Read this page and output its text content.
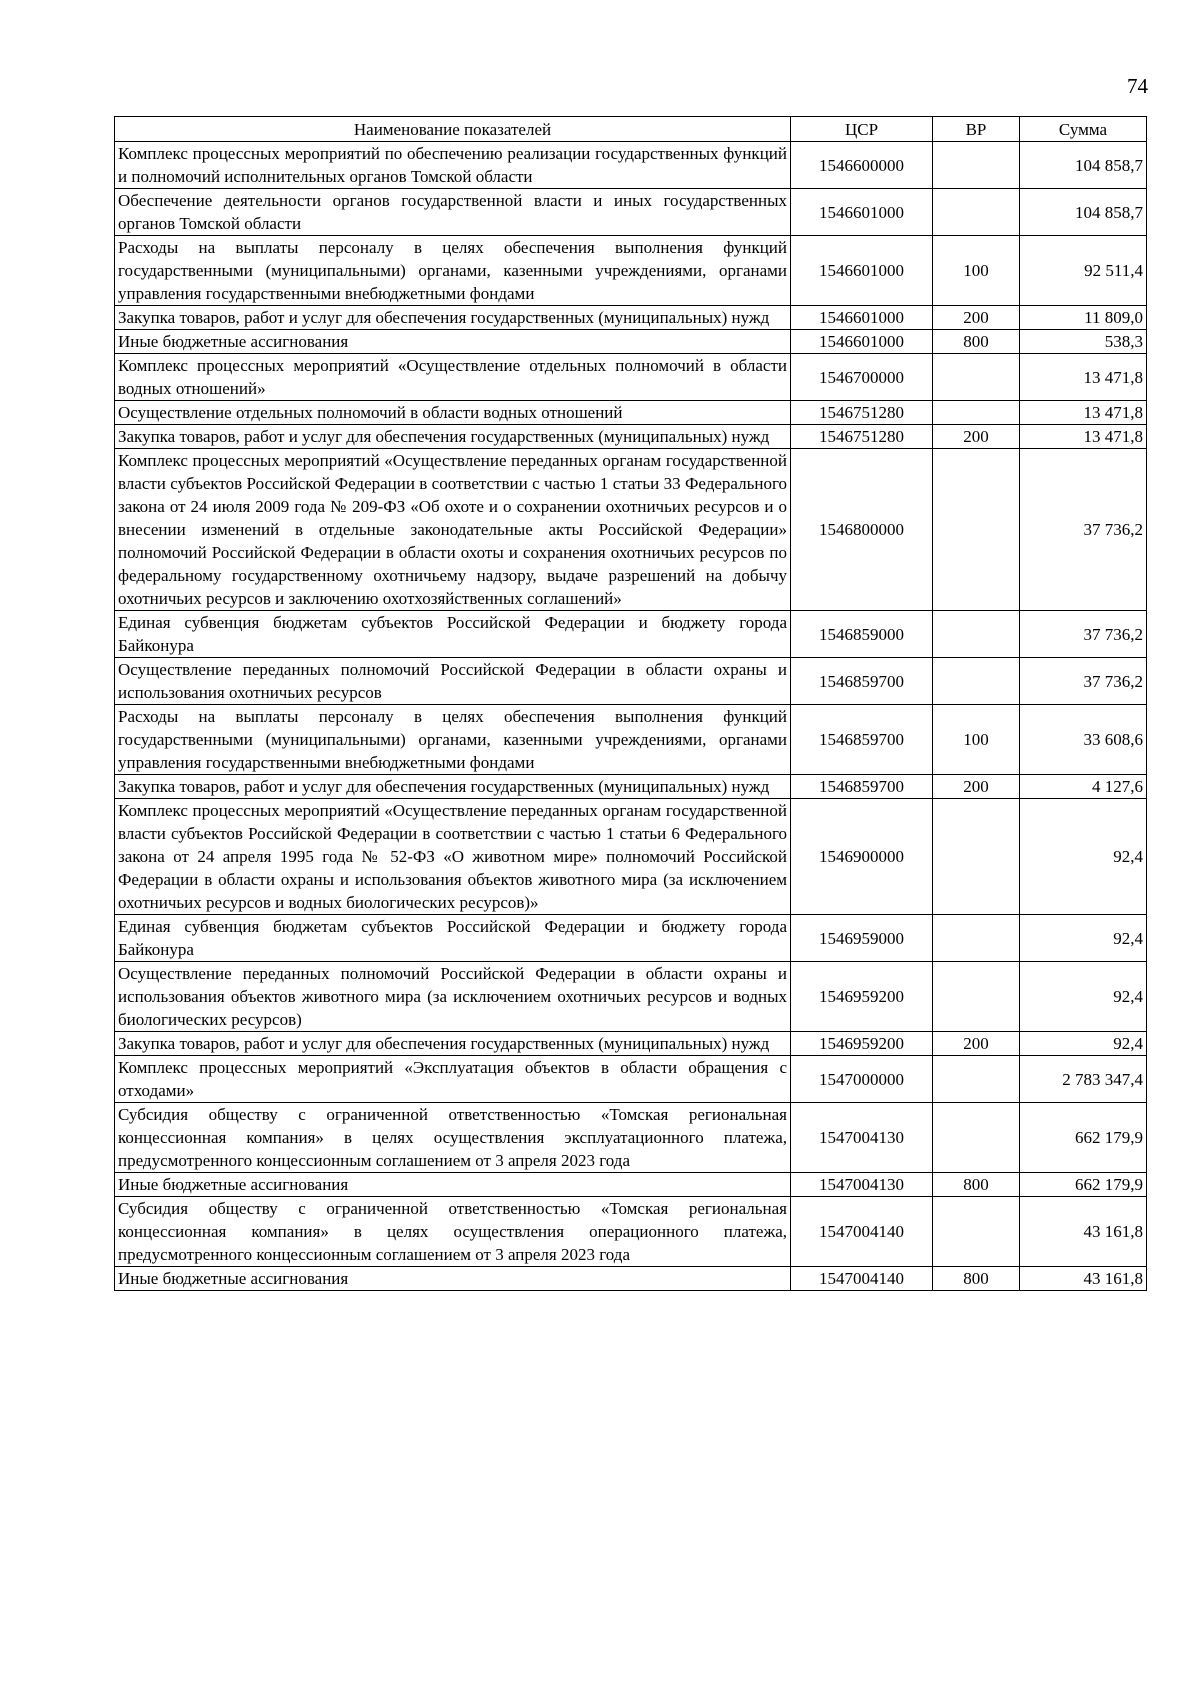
74
Наименование показателей	ЦСР	ВР	Сумма
Комплекс процессных мероприятий по обеспечению реализации государственных функций и полномочий исполнительных органов Томской области	1546600000		104 858,7
Обеспечение деятельности органов государственной власти и иных государственных органов Томской области	1546601000		104 858,7
Расходы на выплаты персоналу в целях обеспечения выполнения функций государственными (муниципальными) органами, казенными учреждениями, органами управления государственными внебюджетными фондами	1546601000	100	92 511,4
Закупка товаров, работ и услуг для обеспечения государственных (муниципальных) нужд	1546601000	200	11 809,0
Иные бюджетные ассигнования	1546601000	800	538,3
Комплекс процессных мероприятий «Осуществление отдельных полномочий в области водных отношений»	1546700000		13 471,8
Осуществление отдельных полномочий в области водных отношений	1546751280		13 471,8
Закупка товаров, работ и услуг для обеспечения государственных (муниципальных) нужд	1546751280	200	13 471,8
Комплекс процессных мероприятий «Осуществление переданных органам государственной власти субъектов Российской Федерации в соответствии с частью 1 статьи 33 Федерального закона от 24 июля 2009 года № 209-ФЗ «Об охоте и о сохранении охотничьих ресурсов и о внесении изменений в отдельные законодательные акты Российской Федерации» полномочий Российской Федерации в области охоты и сохранения охотничьих ресурсов по федеральному государственному охотничьему надзору, выдаче разрешений на добычу охотничьих ресурсов и заключению охотхозяйственных соглашений»	1546800000		37 736,2
Единая субвенция бюджетам субъектов Российской Федерации и бюджету города Байконура	1546859000		37 736,2
Осуществление переданных полномочий Российской Федерации в области охраны и использования охотничьих ресурсов	1546859700		37 736,2
Расходы на выплаты персоналу в целях обеспечения выполнения функций государственными (муниципальными) органами, казенными учреждениями, органами управления государственными внебюджетными фондами	1546859700	100	33 608,6
Закупка товаров, работ и услуг для обеспечения государственных (муниципальных) нужд	1546859700	200	4 127,6
Комплекс процессных мероприятий «Осуществление переданных органам государственной власти субъектов Российской Федерации в соответствии с частью 1 статьи 6 Федерального закона от 24 апреля 1995 года № 52-ФЗ «О животном мире» полномочий Российской Федерации в области охраны и использования объектов животного мира (за исключением охотничьих ресурсов и водных биологических ресурсов)»	1546900000		92,4
Единая субвенция бюджетам субъектов Российской Федерации и бюджету города Байконура	1546959000		92,4
Осуществление переданных полномочий Российской Федерации в области охраны и использования объектов животного мира (за исключением охотничьих ресурсов и водных биологических ресурсов)	1546959200		92,4
Закупка товаров, работ и услуг для обеспечения государственных (муниципальных) нужд	1546959200	200	92,4
Комплекс процессных мероприятий «Эксплуатация объектов в области обращения с отходами»	1547000000		2 783 347,4
Субсидия обществу с ограниченной ответственностью «Томская региональная концессионная компания» в целях осуществления эксплуатационного платежа, предусмотренного концессионным соглашением от 3 апреля 2023 года	1547004130		662 179,9
Иные бюджетные ассигнования	1547004130	800	662 179,9
Субсидия обществу с ограниченной ответственностью «Томская региональная концессионная компания» в целях осуществления операционного платежа, предусмотренного концессионным соглашением от 3 апреля 2023 года	1547004140		43 161,8
Иные бюджетные ассигнования	1547004140	800	43 161,8
